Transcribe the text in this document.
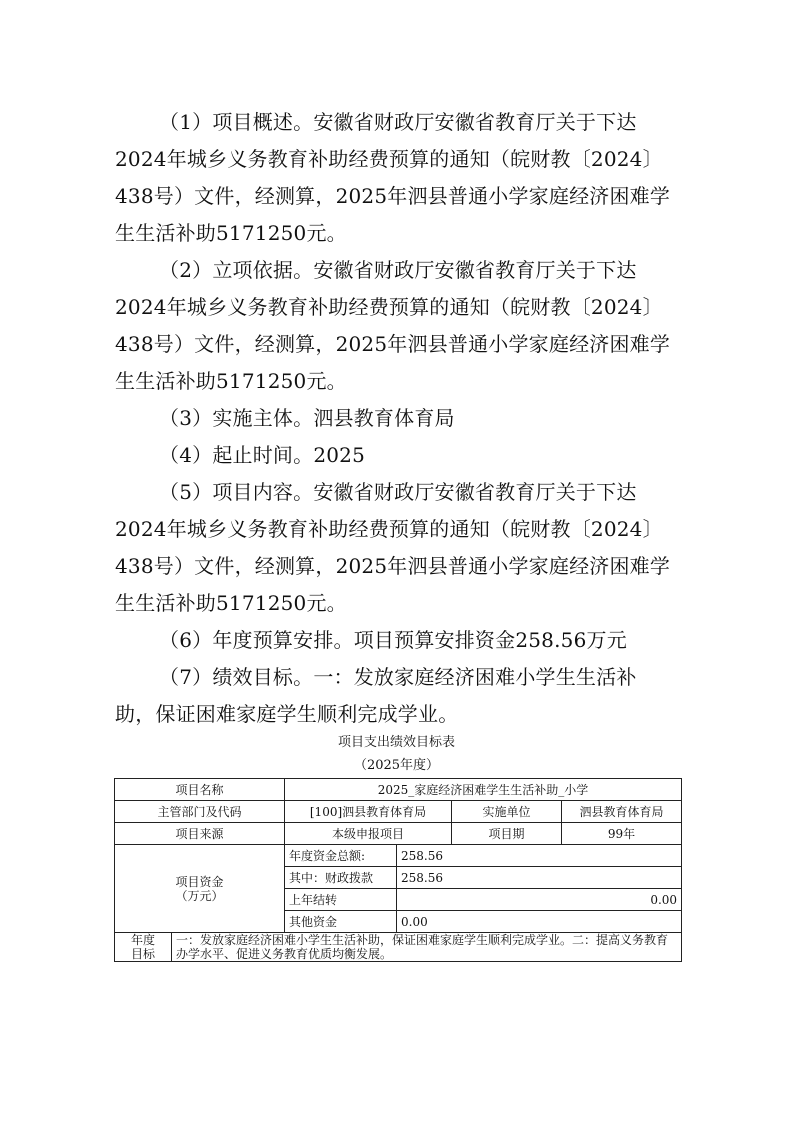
（1）项目概述。安徽省财政厅安徽省教育厅关于下达
2024年城乡义务教育补助经费预算的通知（皖财教〔2024〕
438号）文件，经测算，2025年泗县普通小学家庭经济困难学
生生活补助5171250元。
（2）立项依据。安徽省财政厅安徽省教育厅关于下达
2024年城乡义务教育补助经费预算的通知（皖财教〔2024〕
438号）文件，经测算，2025年泗县普通小学家庭经济困难学
生生活补助5171250元。
（3）实施主体。泗县教育体育局
（4）起止时间。2025
（5）项目内容。安徽省财政厅安徽省教育厅关于下达
2024年城乡义务教育补助经费预算的通知（皖财教〔2024〕
438号）文件，经测算，2025年泗县普通小学家庭经济困难学
生生活补助5171250元。
（6）年度预算安排。项目预算安排资金258.56万元
（7）绩效目标。一：发放家庭经济困难小学生生活补
助，保证困难家庭学生顺利完成学业。
项目支出绩效目标表
（2025年度）
项目名称		2025_家庭经济困难学生生活补助_小学			
主管部门及代码		[100]泗县教育体育局		实施单位	泗县教育体育局
项目来源		本级申报项目		项目期	99年
项目资金
（万元）		年度资金总额:	258.56		
		其中：财政拨款	258.56		
		上年结转	0.00		
		其他资金	0.00		
年度
目标	一：发放家庭经济困难小学生生活补助，保证困难家庭学生顺利完成学业。二：提高义务教育办学水平、促进义务教育优质均衡发展。				
